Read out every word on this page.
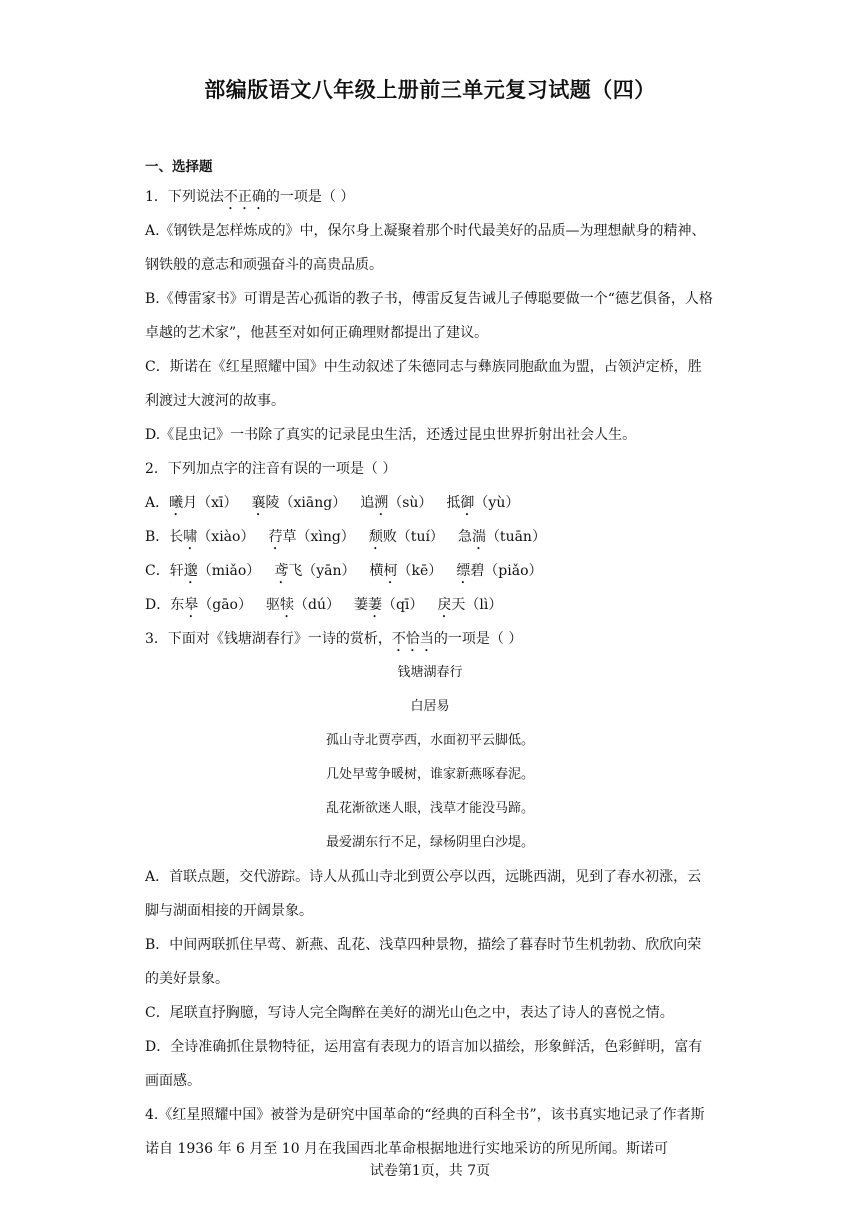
部编版语文八年级上册前三单元复习试题（四）

一、选择题

1．下列说法不正确的一项是（ ）

A.《钢铁是怎样炼成的》中，保尔身上凝聚着那个时代最美好的品质—为理想献身的精神、钢铁般的意志和顽强奋斗的高贵品质。

B.《傅雷家书》可谓是苦心孤诣的教子书，傅雷反复告诫儿子傅聪要做一个“德艺俱备，人格卓越的艺术家”，他甚至对如何正确理财都提出了建议。

C．斯诺在《红星照耀中国》中生动叙述了朱德同志与彝族同胞歃血为盟，占领泸定桥，胜利渡过大渡河的故事。

D.《昆虫记》一书除了真实的记录昆虫生活，还透过昆虫世界折射出社会人生。

2．下列加点字的注音有误的一项是（ ）

A．曦月（xī） 襄陵（xiāng） 追溯（sù） 抵御（yù）

B．长啸（xiào） 荇草（xìng） 颓败（tuí） 急湍（tuān）

C．轩邈（miǎo） 鸢飞（yān） 横柯（kē） 缥碧（piǎo）

D．东皋（gāo） 驱犊（dú） 萋萋（qī） 戾天（lì）

3．下面对《钱塘湖春行》一诗的赏析，不恰当的一项是（ ）

钱塘湖春行

白居易

孤山寺北贾亭西，水面初平云脚低。

几处早莺争暖树，谁家新燕啄春泥。

乱花渐欲迷人眼，浅草才能没马蹄。

最爱湖东行不足，绿杨阴里白沙堤。

A．首联点题，交代游踪。诗人从孤山寺北到贾公亭以西，远眺西湖，见到了春水初涨，云脚与湖面相接的开阔景象。

B．中间两联抓住早莺、新燕、乱花、浅草四种景物，描绘了暮春时节生机勃勃、欣欣向荣的美好景象。

C．尾联直抒胸臆，写诗人完全陶醉在美好的湖光山色之中，表达了诗人的喜悦之情。

D．全诗准确抓住景物特征，运用富有表现力的语言加以描绘，形象鲜活，色彩鲜明，富有画面感。

4.《红星照耀中国》被誉为是研究中国革命的“经典的百科全书”，该书真实地记录了作者斯诺自 1936 年 6 月至 10 月在我国西北革命根据地进行实地采访的所见所闻。斯诺可

试卷第1页，共 7页
